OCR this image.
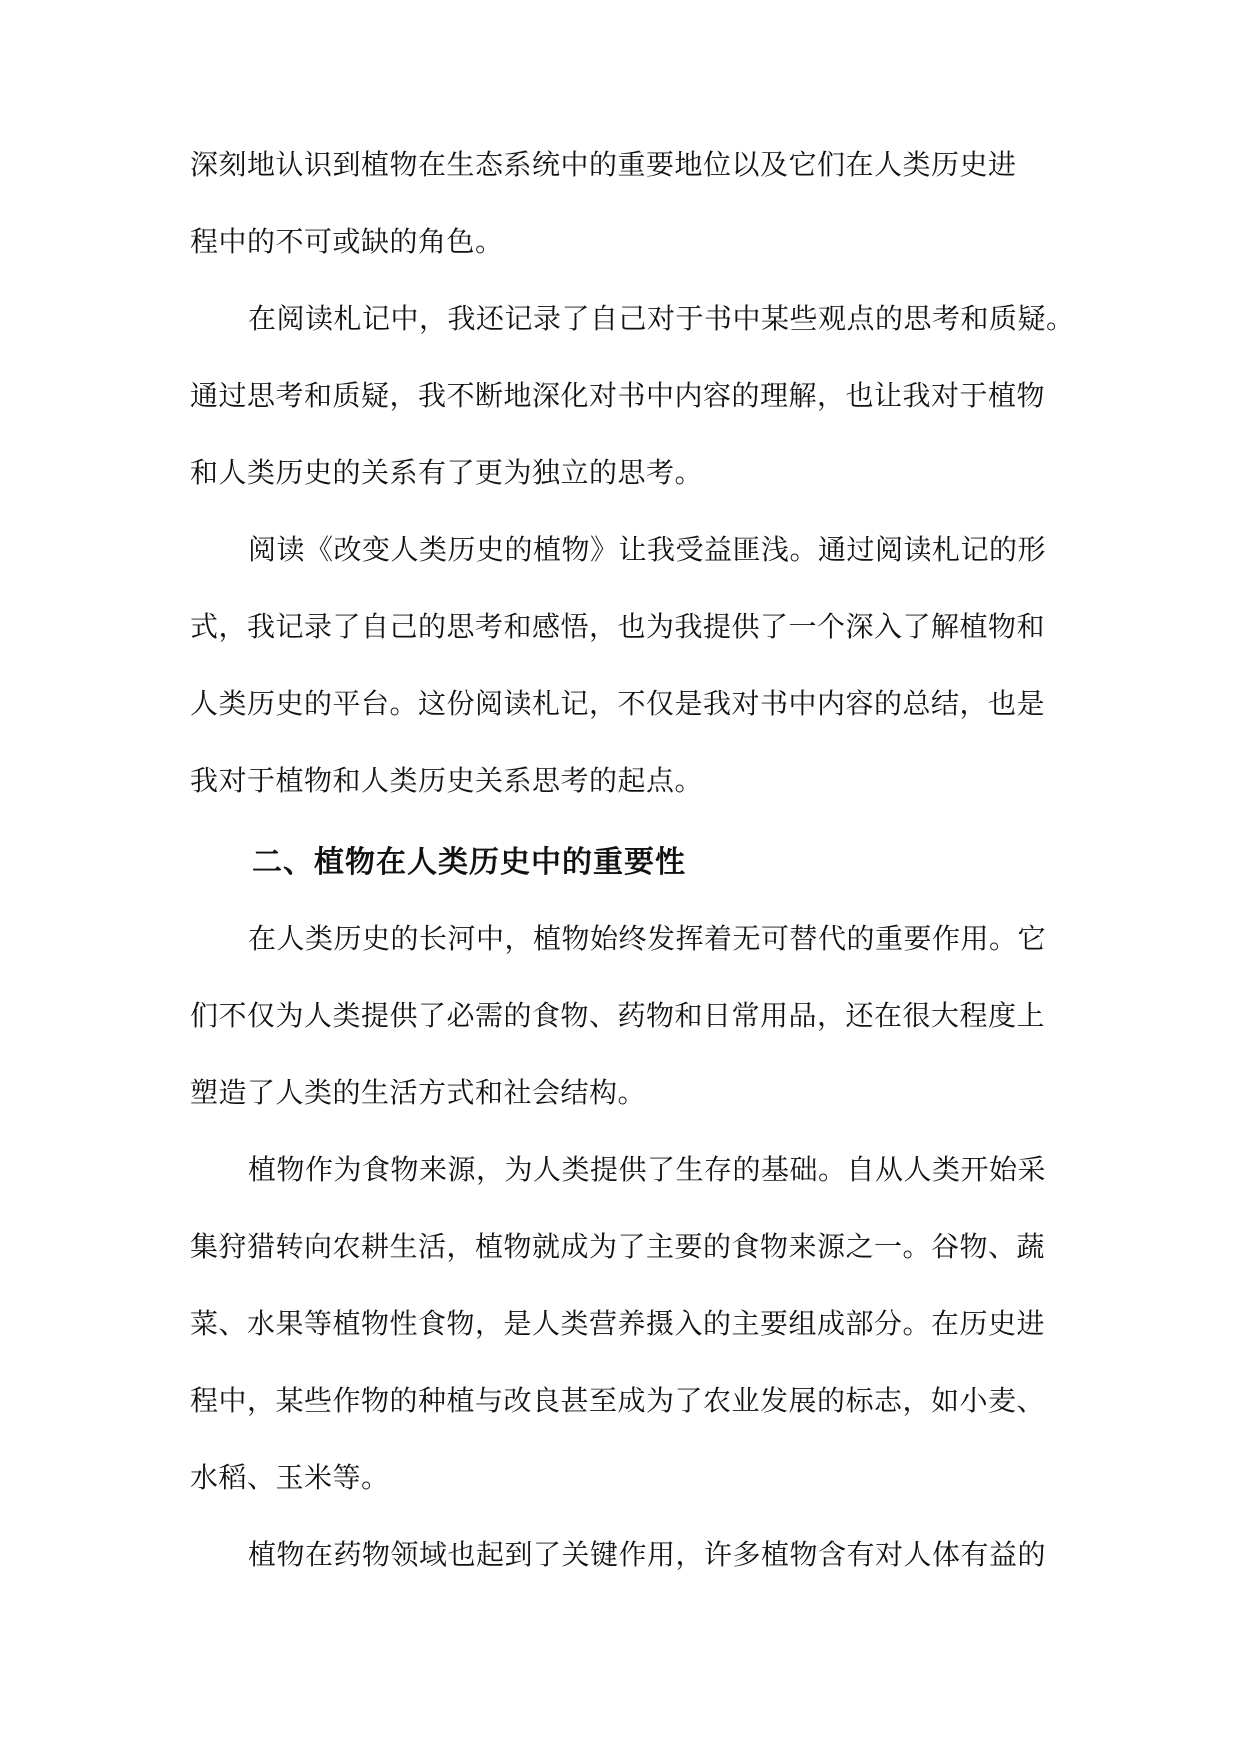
深刻地认识到植物在生态系统中的重要地位以及它们在人类历史进
程中的不可或缺的角色。
在阅读札记中，我还记录了自己对于书中某些观点的思考和质疑。
通过思考和质疑，我不断地深化对书中内容的理解，也让我对于植物
和人类历史的关系有了更为独立的思考。
阅读《改变人类历史的植物》让我受益匪浅。通过阅读札记的形
式，我记录了自己的思考和感悟，也为我提供了一个深入了解植物和
人类历史的平台。这份阅读札记，不仅是我对书中内容的总结，也是
我对于植物和人类历史关系思考的起点。
二、植物在人类历史中的重要性
在人类历史的长河中，植物始终发挥着无可替代的重要作用。它
们不仅为人类提供了必需的食物、药物和日常用品，还在很大程度上
塑造了人类的生活方式和社会结构。
植物作为食物来源，为人类提供了生存的基础。自从人类开始采
集狩猎转向农耕生活，植物就成为了主要的食物来源之一。谷物、蔬
菜、水果等植物性食物，是人类营养摄入的主要组成部分。在历史进
程中，某些作物的种植与改良甚至成为了农业发展的标志，如小麦、
水稻、玉米等。
植物在药物领域也起到了关键作用，许多植物含有对人体有益的
